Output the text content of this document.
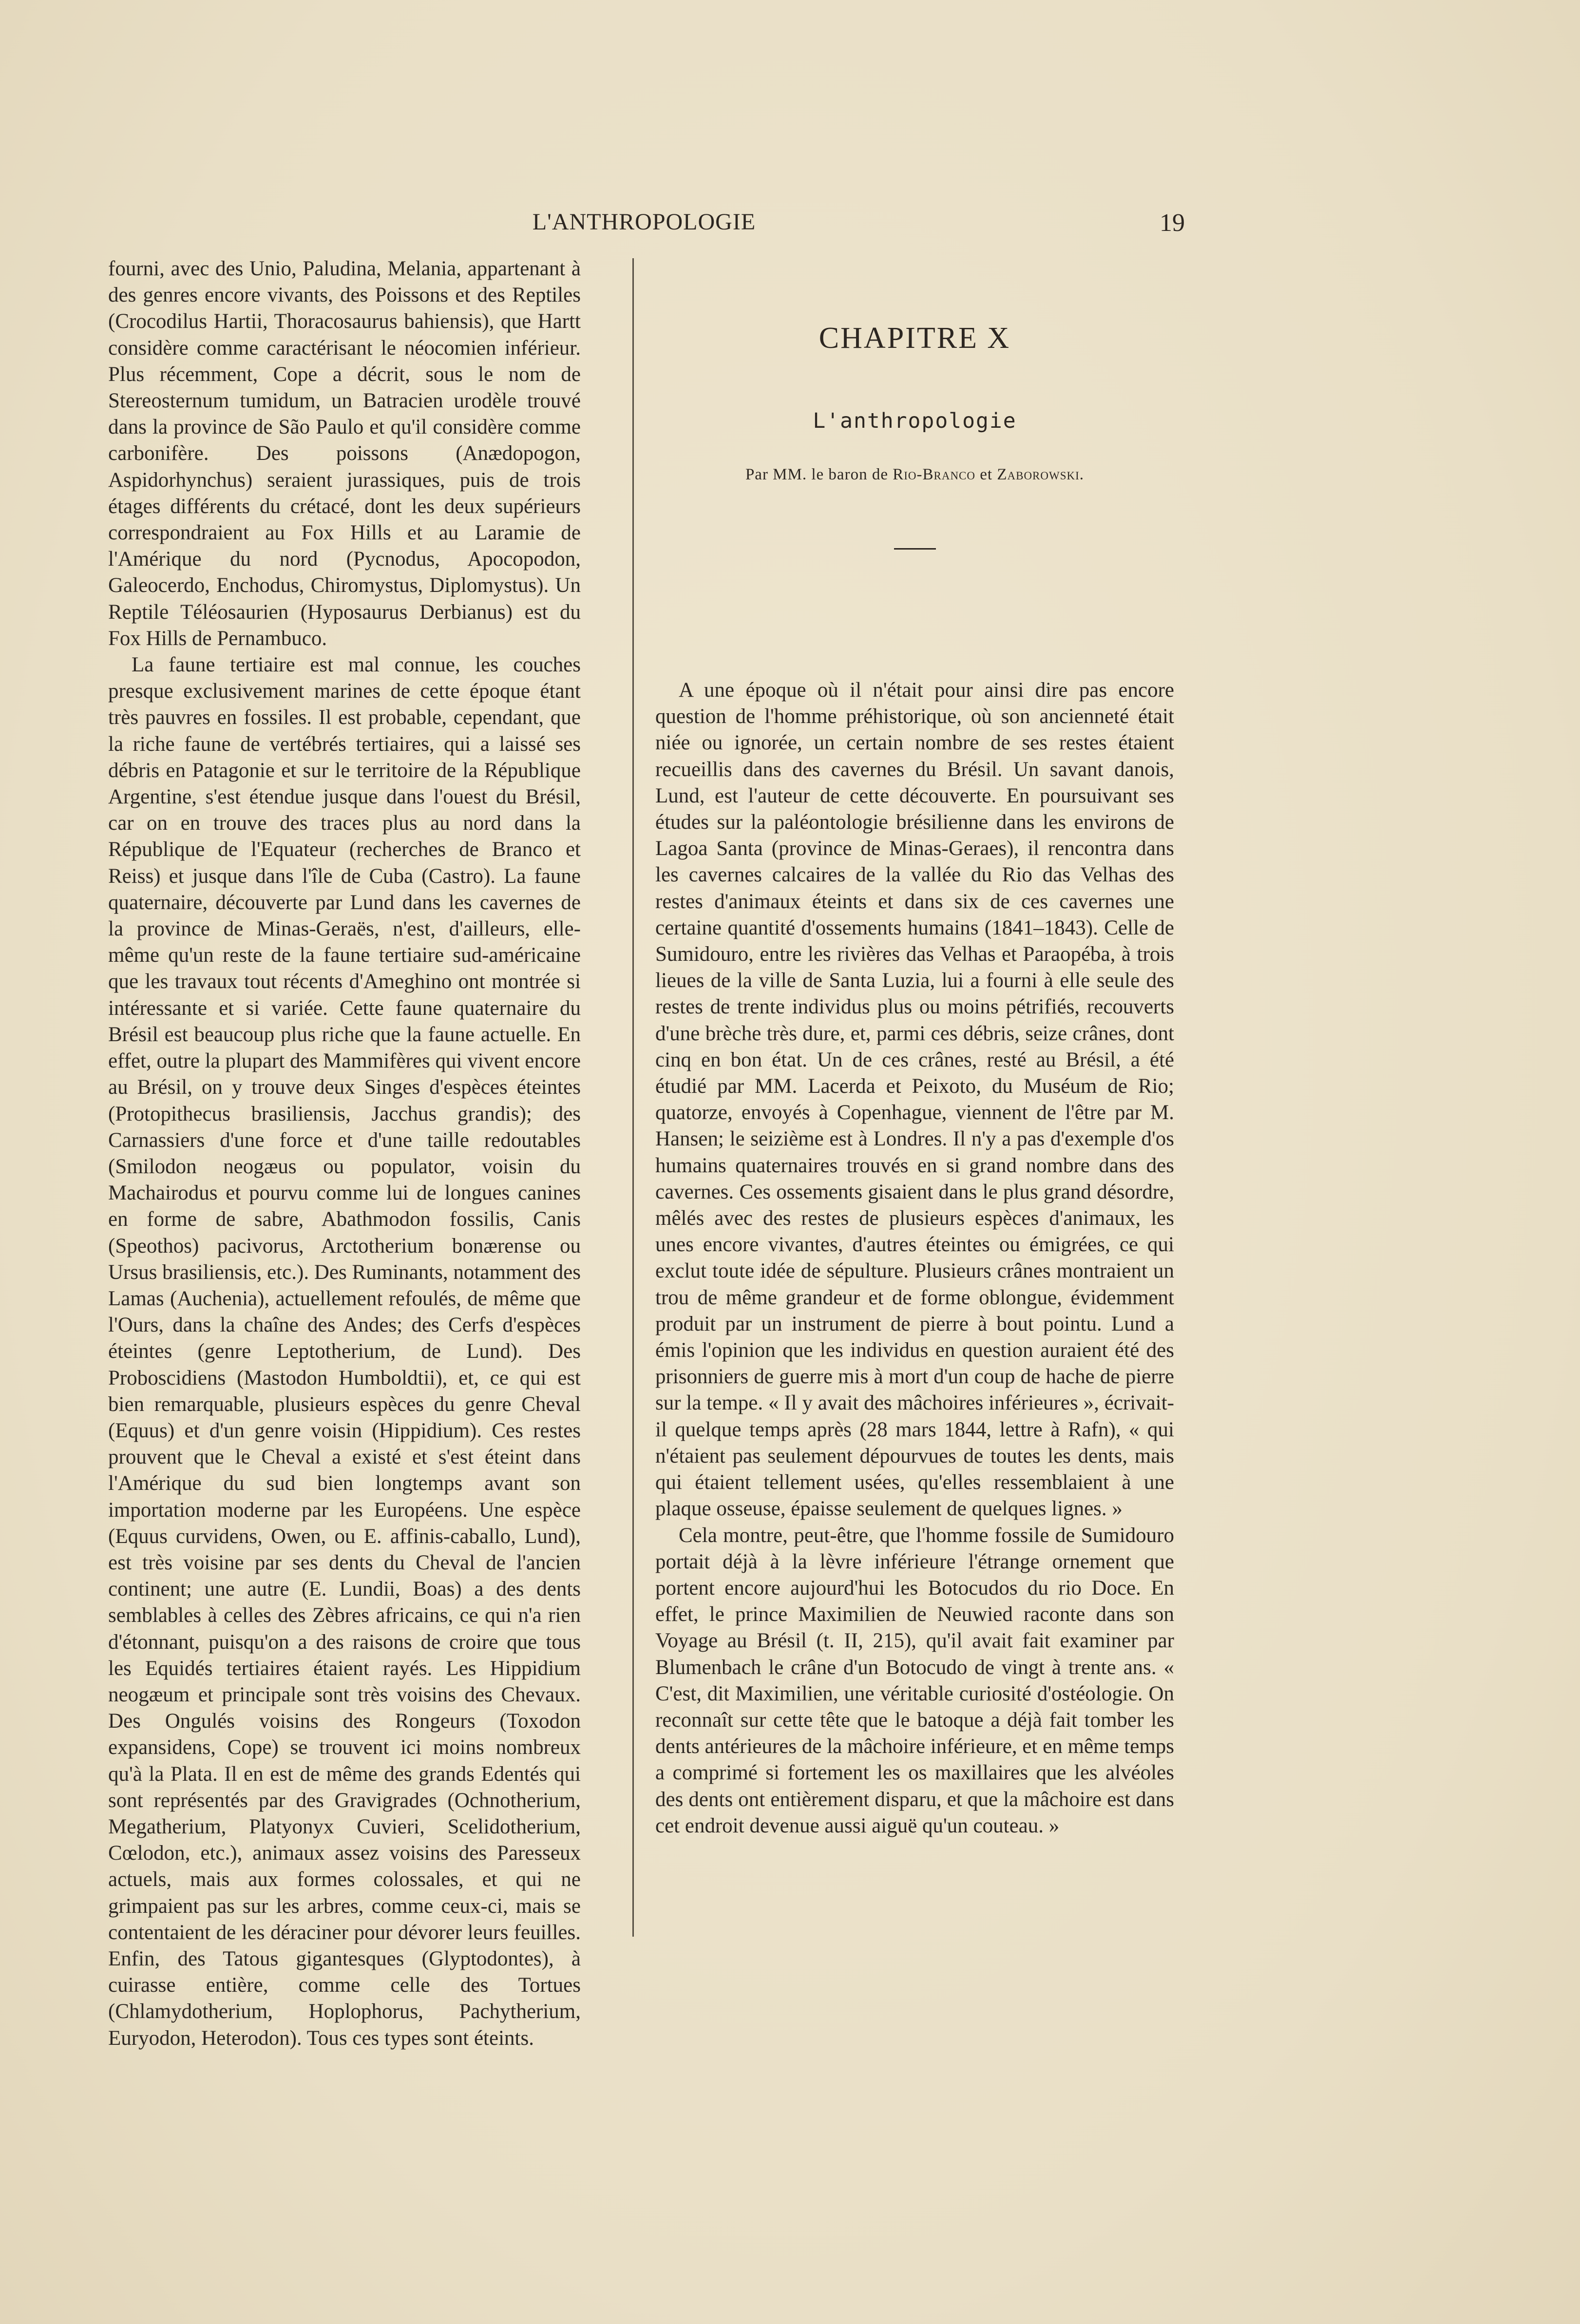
L'ANTHROPOLOGIE	19

fourni, avec des Unio, Paludina, Melania, appartenant à des genres encore vivants, des Poissons et des Reptiles (Crocodilus Hartii, Thoracosaurus bahiensis), que Hartt considère comme caractérisant le néocomien inférieur. Plus récemment, Cope a décrit, sous le nom de Stereosternum tumidum, un Batracien urodèle trouvé dans la province de São Paulo et qu'il considère comme carbonifère. Des poissons (Anædopogon, Aspidorhynchus) seraient jurassiques, puis de trois étages différents du crétacé, dont les deux supérieurs correspondraient au Fox Hills et au Laramie de l'Amérique du nord (Pycnodus, Apocopodon, Galeocerdo, Enchodus, Chiromystus, Diplomystus). Un Reptile Téléosaurien (Hyposaurus Derbianus) est du Fox Hills de Pernambuco.

La faune tertiaire est mal connue, les couches presque exclusivement marines de cette époque étant très pauvres en fossiles. Il est probable, cependant, que la riche faune de vertébrés tertiaires, qui a laissé ses débris en Patagonie et sur le territoire de la République Argentine, s'est étendue jusque dans l'ouest du Brésil, car on en trouve des traces plus au nord dans la République de l'Equateur (recherches de Branco et Reiss) et jusque dans l'île de Cuba (Castro). La faune quaternaire, découverte par Lund dans les cavernes de la province de Minas-Geraës, n'est, d'ailleurs, elle-même qu'un reste de la faune tertiaire sud-américaine que les travaux tout récents d'Ameghino ont montrée si intéressante et si variée. Cette faune quaternaire du Brésil est beaucoup plus riche que la faune actuelle. En effet, outre la plupart des Mammifères qui vivent encore au Brésil, on y trouve deux Singes d'espèces éteintes (Protopithecus brasiliensis, Jacchus grandis); des Carnassiers d'une force et d'une taille redoutables (Smilodon neogæus ou populator, voisin du Machairodus et pourvu comme lui de longues canines en forme de sabre, Abathmodon fossilis, Canis (Speothos) pacivorus, Arctotherium bonærense ou Ursus brasiliensis, etc.). Des Ruminants, notamment des Lamas (Auchenia), actuellement refoulés, de même que l'Ours, dans la chaîne des Andes; des Cerfs d'espèces éteintes (genre Leptotherium, de Lund). Des Proboscidiens (Mastodon Humboldtii), et, ce qui est bien remarquable, plusieurs espèces du genre Cheval (Equus) et d'un genre voisin (Hippidium). Ces restes prouvent que le Cheval a existé et s'est éteint dans l'Amérique du sud bien longtemps avant son importation moderne par les Européens. Une espèce (Equus curvidens, Owen, ou E. affinis-caballo, Lund), est très voisine par ses dents du Cheval de l'ancien continent; une autre (E. Lundii, Boas) a des dents semblables à celles des Zèbres africains, ce qui n'a rien d'étonnant, puisqu'on a des raisons de croire que tous les Equidés tertiaires étaient rayés. Les Hippidium neogæum et principale sont très voisins des Chevaux. Des Ongulés voisins des Rongeurs (Toxodon expansidens, Cope) se trouvent ici moins nombreux qu'à la Plata. Il en est de même des grands Edentés qui sont représentés par des Gravigrades (Ochnotherium, Megatherium, Platyonyx Cuvieri, Scelidotherium, Cœlodon, etc.), animaux assez voisins des Paresseux actuels, mais aux formes colossales, et qui ne grimpaient pas sur les arbres, comme ceux-ci, mais se contentaient de les déraciner pour dévorer leurs feuilles. Enfin, des Tatous gigantesques (Glyptodontes), à cuirasse entière, comme celle des Tortues (Chlamydotherium, Hoplophorus, Pachytherium, Euryodon, Heterodon). Tous ces types sont éteints.

CHAPITRE X
L'anthropologie
Par MM. le baron de Rio-Branco et Zaborowski.

A une époque où il n'était pour ainsi dire pas encore question de l'homme préhistorique, où son ancienneté était niée ou ignorée, un certain nombre de ses restes étaient recueillis dans des cavernes du Brésil. Un savant danois, Lund, est l'auteur de cette découverte. En poursuivant ses études sur la paléontologie brésilienne dans les environs de Lagoa Santa (province de Minas-Geraes), il rencontra dans les cavernes calcaires de la vallée du Rio das Velhas des restes d'animaux éteints et dans six de ces cavernes une certaine quantité d'ossements humains (1841–1843). Celle de Sumidouro, entre les rivières das Velhas et Paraopéba, à trois lieues de la ville de Santa Luzia, lui a fourni à elle seule des restes de trente individus plus ou moins pétrifiés, recouverts d'une brèche très dure, et, parmi ces débris, seize crânes, dont cinq en bon état. Un de ces crânes, resté au Brésil, a été étudié par MM. Lacerda et Peixoto, du Muséum de Rio; quatorze, envoyés à Copenhague, viennent de l'être par M. Hansen; le seizième est à Londres. Il n'y a pas d'exemple d'os humains quaternaires trouvés en si grand nombre dans des cavernes. Ces ossements gisaient dans le plus grand désordre, mêlés avec des restes de plusieurs espèces d'animaux, les unes encore vivantes, d'autres éteintes ou émigrées, ce qui exclut toute idée de sépulture. Plusieurs crânes montraient un trou de même grandeur et de forme oblongue, évidemment produit par un instrument de pierre à bout pointu. Lund a émis l'opinion que les individus en question auraient été des prisonniers de guerre mis à mort d'un coup de hache de pierre sur la tempe. « Il y avait des mâchoires inférieures », écrivait-il quelque temps après (28 mars 1844, lettre à Rafn), « qui n'étaient pas seulement dépourvues de toutes les dents, mais qui étaient tellement usées, qu'elles ressemblaient à une plaque osseuse, épaisse seulement de quelques lignes. »

Cela montre, peut-être, que l'homme fossile de Sumidouro portait déjà à la lèvre inférieure l'étrange ornement que portent encore aujourd'hui les Botocudos du rio Doce. En effet, le prince Maximilien de Neuwied raconte dans son Voyage au Brésil (t. II, 215), qu'il avait fait examiner par Blumenbach le crâne d'un Botocudo de vingt à trente ans. « C'est, dit Maximilien, une véritable curiosité d'ostéologie. On reconnaît sur cette tête que le batoque a déjà fait tomber les dents antérieures de la mâchoire inférieure, et en même temps a comprimé si fortement les os maxillaires que les alvéoles des dents ont entièrement disparu, et que la mâchoire est dans cet endroit devenue aussi aiguë qu'un couteau. »
